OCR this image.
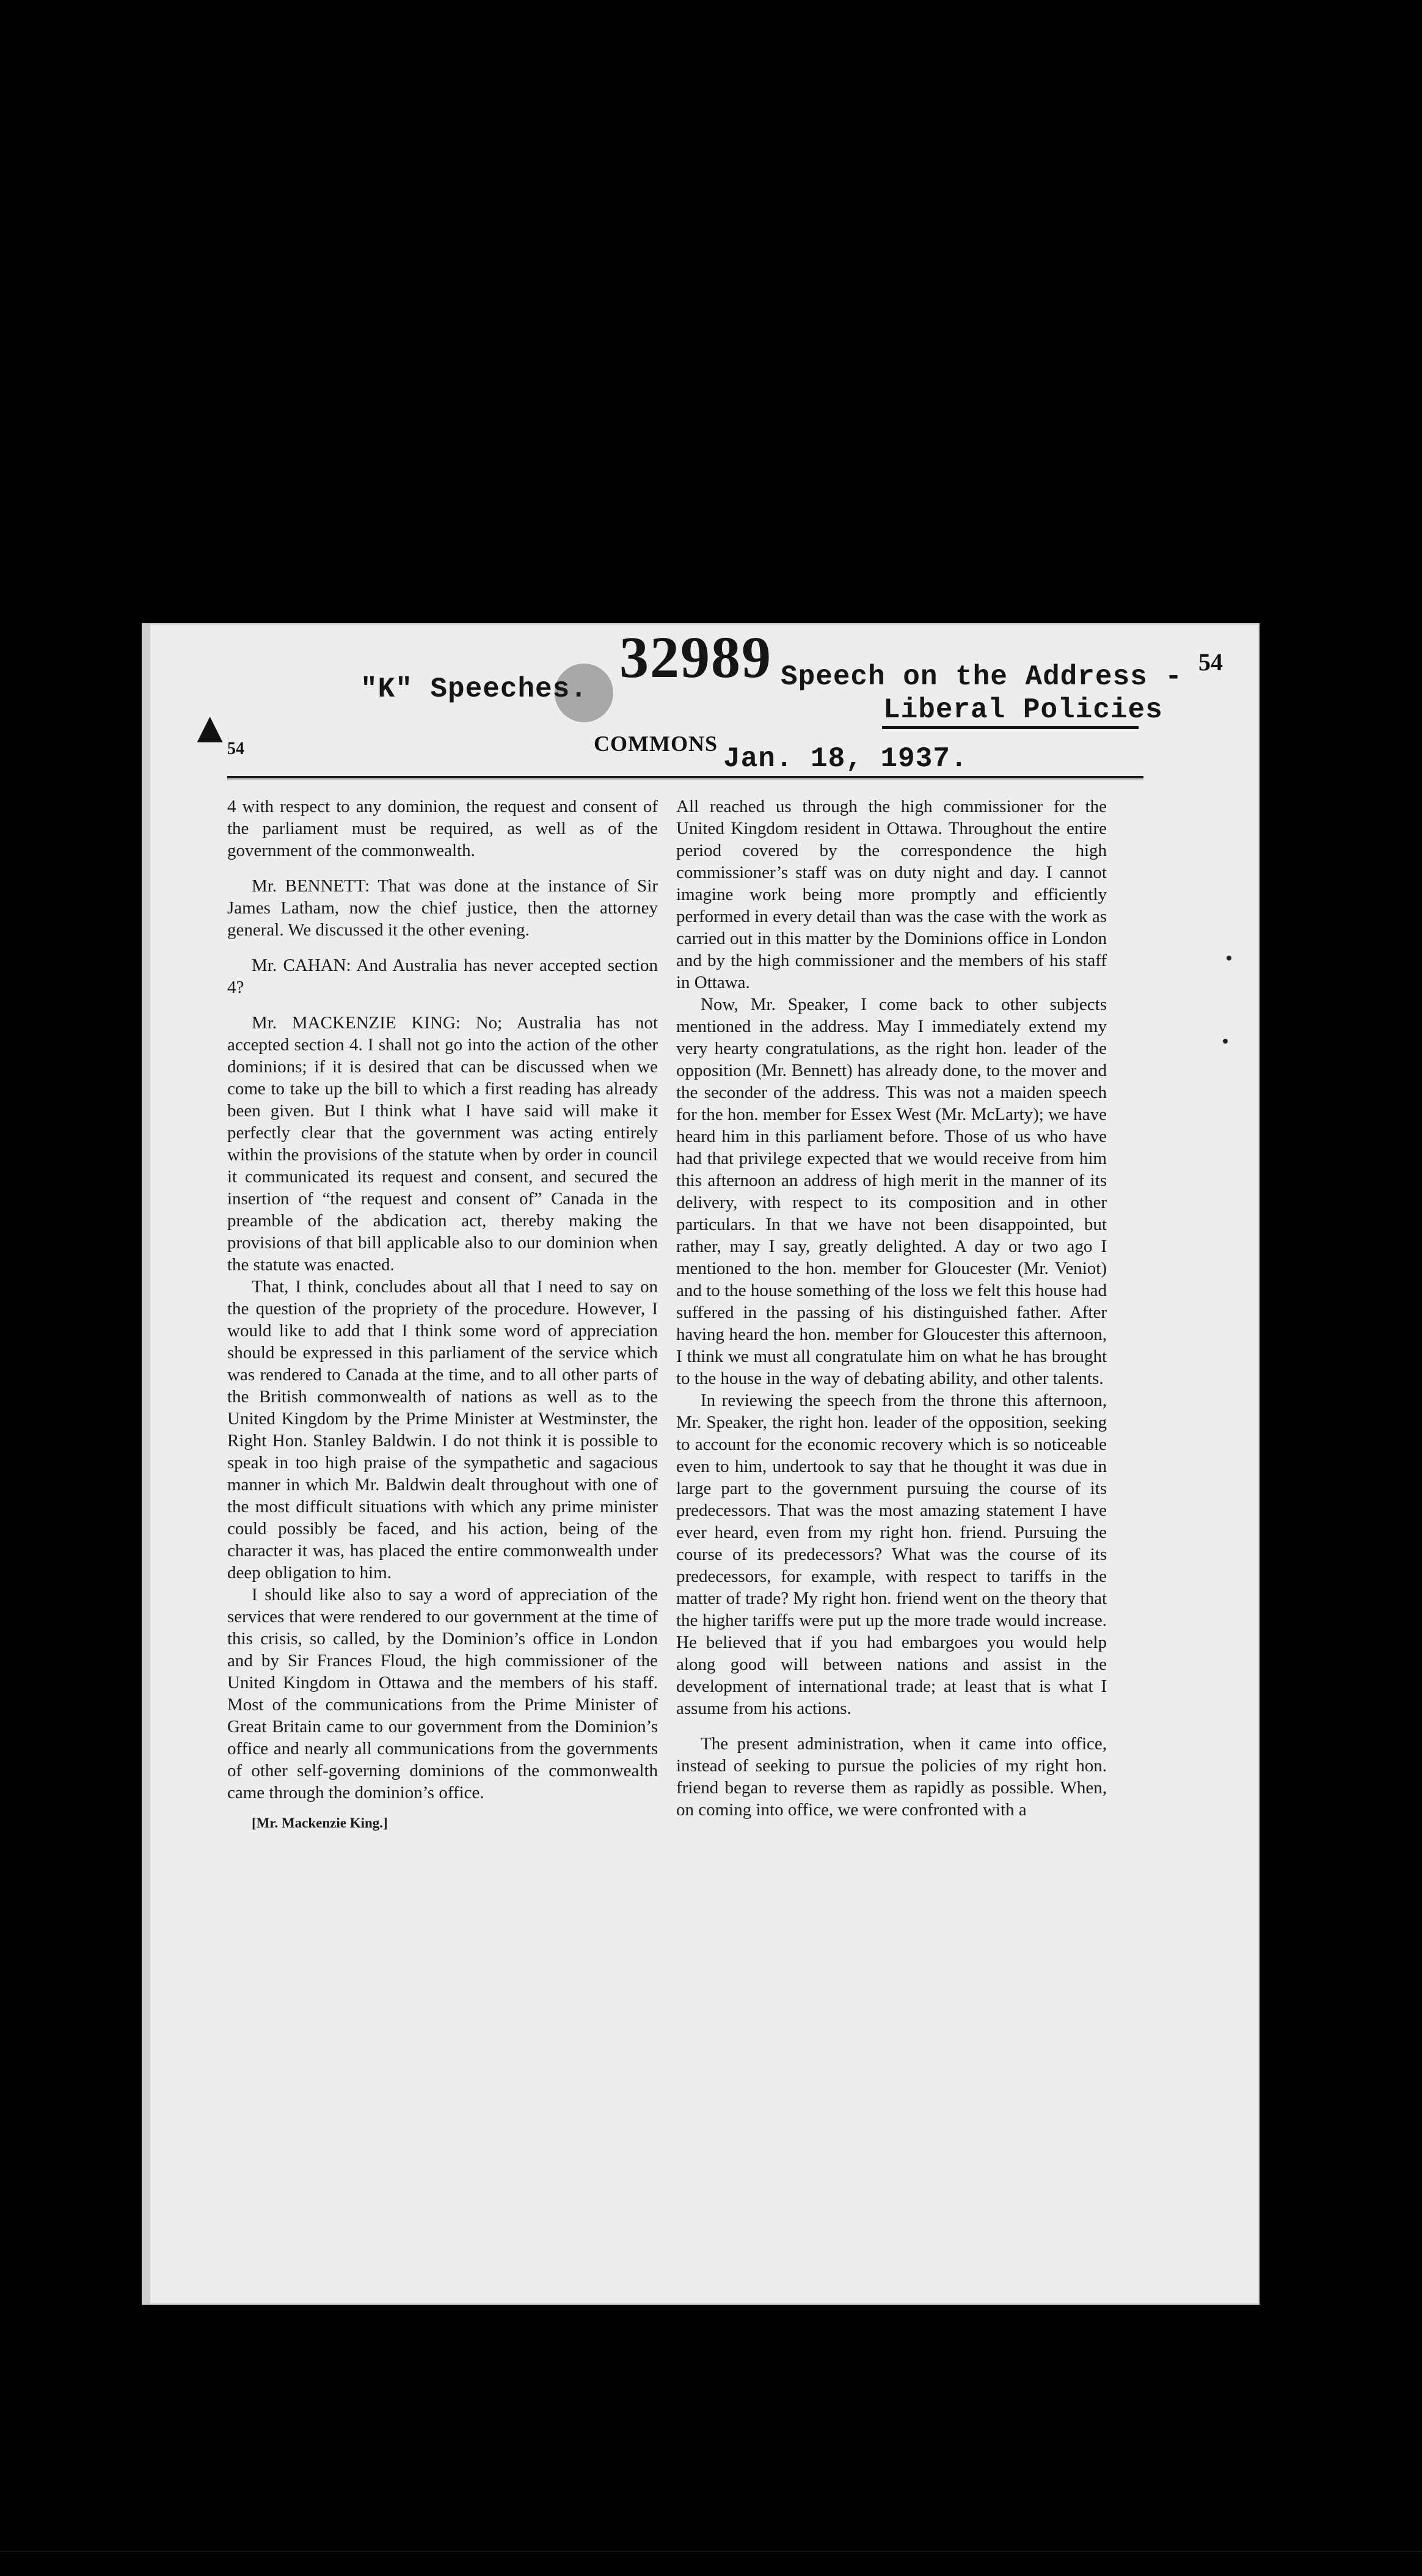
32989
"K" Speeches.	Speech on the Address -
Liberal Policies
Jan. 18, 1937.
54
▲
54	COMMONS

4 with respect to any dominion, the request and consent of the parliament must be required, as well as of the government of the commonwealth.

Mr. BENNETT: That was done at the instance of Sir James Latham, now the chief justice, then the attorney general. We discussed it the other evening.

Mr. CAHAN: And Australia has never accepted section 4?

Mr. MACKENZIE KING: No; Australia has not accepted section 4. I shall not go into the action of the other dominions; if it is desired that can be discussed when we come to take up the bill to which a first reading has already been given. But I think what I have said will make it perfectly clear that the government was acting entirely within the provisions of the statute when by order in council it communicated its request and consent, and secured the insertion of “the request and consent of” Canada in the preamble of the abdication act, thereby making the provisions of that bill applicable also to our dominion when the statute was enacted.

That, I think, concludes about all that I need to say on the question of the propriety of the procedure. However, I would like to add that I think some word of appreciation should be expressed in this parliament of the service which was rendered to Canada at the time, and to all other parts of the British commonwealth of nations as well as to the United Kingdom by the Prime Minister at Westminster, the Right Hon. Stanley Baldwin. I do not think it is possible to speak in too high praise of the sympathetic and sagacious manner in which Mr. Baldwin dealt throughout with one of the most difficult situations with which any prime minister could possibly be faced, and his action, being of the character it was, has placed the entire commonwealth under deep obligation to him.

I should like also to say a word of appreciation of the services that were rendered to our government at the time of this crisis, so called, by the Dominion’s office in London and by Sir Frances Floud, the high commissioner of the United Kingdom in Ottawa and the members of his staff. Most of the communications from the Prime Minister of Great Britain came to our government from the Dominion’s office and nearly all communications from the governments of other self-governing dominions of the commonwealth came through the dominion’s office.

[Mr. Mackenzie King.]

All reached us through the high commissioner for the United Kingdom resident in Ottawa. Throughout the entire period covered by the correspondence the high commissioner’s staff was on duty night and day. I cannot imagine work being more promptly and efficiently performed in every detail than was the case with the work as carried out in this matter by the Dominions office in London and by the high commissioner and the members of his staff in Ottawa.

Now, Mr. Speaker, I come back to other subjects mentioned in the address. May I immediately extend my very hearty congratulations, as the right hon. leader of the opposition (Mr. Bennett) has already done, to the mover and the seconder of the address. This was not a maiden speech for the hon. member for Essex West (Mr. McLarty); we have heard him in this parliament before. Those of us who have had that privilege expected that we would receive from him this afternoon an address of high merit in the manner of its delivery, with respect to its composition and in other particulars. In that we have not been disappointed, but rather, may I say, greatly delighted. A day or two ago I mentioned to the hon. member for Gloucester (Mr. Veniot) and to the house something of the loss we felt this house had suffered in the passing of his distinguished father. After having heard the hon. member for Gloucester this afternoon, I think we must all congratulate him on what he has brought to the house in the way of debating ability, and other talents.

In reviewing the speech from the throne this afternoon, Mr. Speaker, the right hon. leader of the opposition, seeking to account for the economic recovery which is so noticeable even to him, undertook to say that he thought it was due in large part to the government pursuing the course of its predecessors. That was the most amazing statement I have ever heard, even from my right hon. friend. Pursuing the course of its predecessors? What was the course of its predecessors, for example, with respect to tariffs in the matter of trade? My right hon. friend went on the theory that the higher tariffs were put up the more trade would increase. He believed that if you had embargoes you would help along good will between nations and assist in the development of international trade; at least that is what I assume from his actions.

The present administration, when it came into office, instead of seeking to pursue the policies of my right hon. friend began to reverse them as rapidly as possible. When, on coming into office, we were confronted with a
